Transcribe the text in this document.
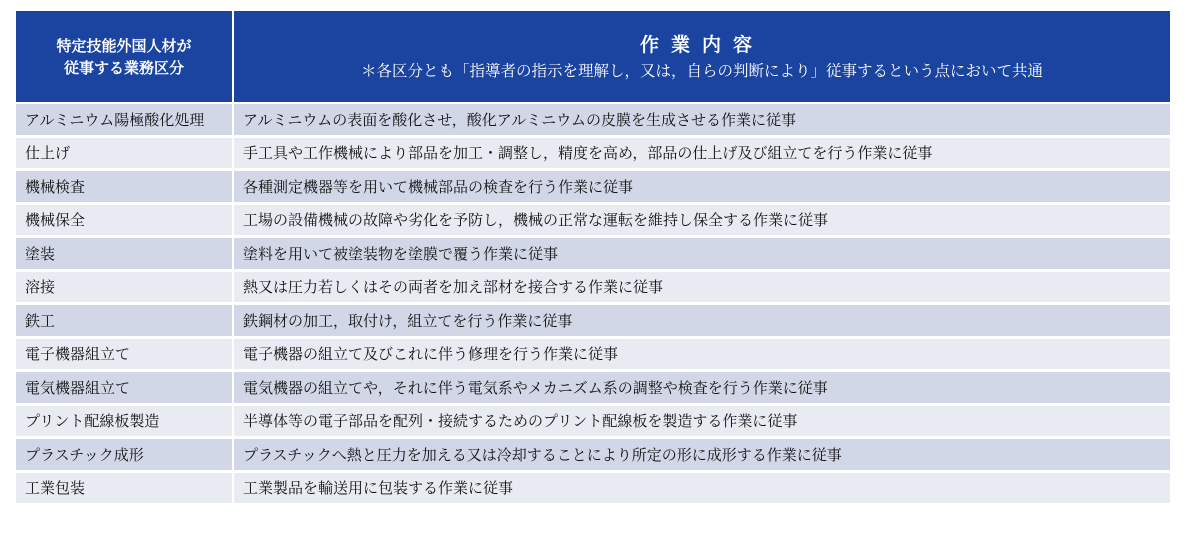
特定技能外国人材が
従事する業務区分	作業内容
＊各区分とも「指導者の指示を理解し，又は，自らの判断により」従事するという点において共通

アルミニウム陽極酸化処理	アルミニウムの表面を酸化させ，酸化アルミニウムの皮膜を生成させる作業に従事
仕上げ	手工具や工作機械により部品を加工・調整し，精度を高め，部品の仕上げ及び組立てを行う作業に従事
機械検査	各種測定機器等を用いて機械部品の検査を行う作業に従事
機械保全	工場の設備機械の故障や劣化を予防し，機械の正常な運転を維持し保全する作業に従事
塗装	塗料を用いて被塗装物を塗膜で覆う作業に従事
溶接	熱又は圧力若しくはその両者を加え部材を接合する作業に従事
鉄工	鉄鋼材の加工，取付け，組立てを行う作業に従事
電子機器組立て	電子機器の組立て及びこれに伴う修理を行う作業に従事
電気機器組立て	電気機器の組立てや，それに伴う電気系やメカニズム系の調整や検査を行う作業に従事
プリント配線板製造	半導体等の電子部品を配列・接続するためのプリント配線板を製造する作業に従事
プラスチック成形	プラスチックへ熱と圧力を加える又は冷却することにより所定の形に成形する作業に従事
工業包装	工業製品を輸送用に包装する作業に従事
